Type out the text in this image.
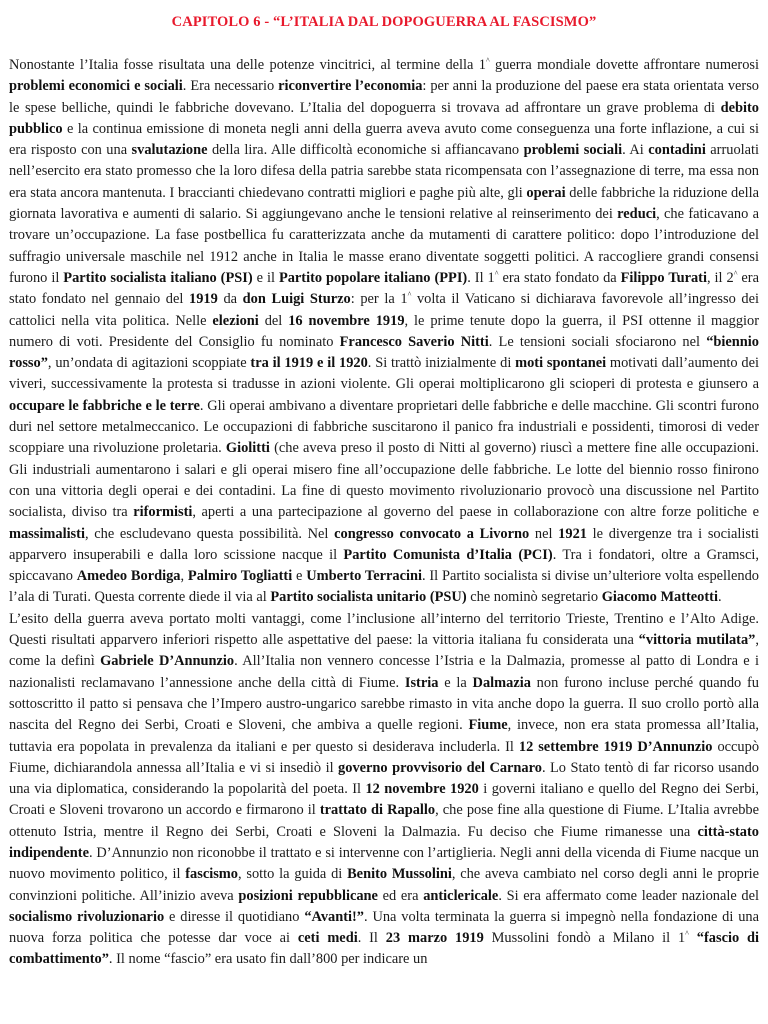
CAPITOLO 6 - “L’ITALIA DAL DOPOGUERRA AL FASCISMO”

Nonostante l’Italia fosse risultata una delle potenze vincitrici, al termine della 1^ guerra mondiale dovette affrontare numerosi problemi economici e sociali. Era necessario riconvertire l’economia: per anni la produzione del paese era stata orientata verso le spese belliche, quindi le fabbriche dovevano. L’Italia del dopoguerra si trovava ad affrontare un grave problema di debito pubblico e la continua emissione di moneta negli anni della guerra aveva avuto come conseguenza una forte inflazione, a cui si era risposto con una svalutazione della lira. Alle difficoltà economiche si affiancavano problemi sociali. Ai contadini arruolati nell’esercito era stato promesso che la loro difesa della patria sarebbe stata ricompensata con l’assegnazione di terre, ma essa non era stata ancora mantenuta. I braccianti chiedevano contratti migliori e paghe più alte, gli operai delle fabbriche la riduzione della giornata lavorativa e aumenti di salario. Si aggiungevano anche le tensioni relative al reinserimento dei reduci, che faticavano a trovare un’occupazione. La fase postbellica fu caratterizzata anche da mutamenti di carattere politico: dopo l’introduzione del suffragio universale maschile nel 1912 anche in Italia le masse erano diventate soggetti politici. A raccogliere grandi consensi furono il Partito socialista italiano (PSI) e il Partito popolare italiano (PPI). Il 1^ era stato fondato da Filippo Turati, il 2^ era stato fondato nel gennaio del 1919 da don Luigi Sturzo: per la 1^ volta il Vaticano si dichiarava favorevole all’ingresso dei cattolici nella vita politica. Nelle elezioni del 16 novembre 1919, le prime tenute dopo la guerra, il PSI ottenne il maggior numero di voti. Presidente del Consiglio fu nominato Francesco Saverio Nitti. Le tensioni sociali sfociarono nel “biennio rosso”, un’ondata di agitazioni scoppiate tra il 1919 e il 1920. Si trattò inizialmente di moti spontanei motivati dall’aumento dei viveri, successivamente la protesta si tradusse in azioni violente. Gli operai moltiplicarono gli scioperi di protesta e giunsero a occupare le fabbriche e le terre. Gli operai ambivano a diventare proprietari delle fabbriche e delle macchine. Gli scontri furono duri nel settore metalmeccanico. Le occupazioni di fabbriche suscitarono il panico fra industriali e possidenti, timorosi di veder scoppiare una rivoluzione proletaria. Giolitti (che aveva preso il posto di Nitti al governo) riuscì a mettere fine alle occupazioni. Gli industriali aumentarono i salari e gli operai misero fine all’occupazione delle fabbriche. Le lotte del biennio rosso finirono con una vittoria degli operai e dei contadini. La fine di questo movimento rivoluzionario provocò una discussione nel Partito socialista, diviso tra riformisti, aperti a una partecipazione al governo del paese in collaborazione con altre forze politiche e massimalisti, che escludevano questa possibilità. Nel congresso convocato a Livorno nel 1921 le divergenze tra i socialisti apparvero insuperabili e dalla loro scissione nacque il Partito Comunista d’Italia (PCI). Tra i fondatori, oltre a Gramsci, spiccavano Amedeo Bordiga, Palmiro Togliatti e Umberto Terracini. Il Partito socialista si divise un’ulteriore volta espellendo l’ala di Turati. Questa corrente diede il via al Partito socialista unitario (PSU) che nominò segretario Giacomo Matteotti.

L’esito della guerra aveva portato molti vantaggi, come l’inclusione all’interno del territorio Trieste, Trentino e l’Alto Adige. Questi risultati apparvero inferiori rispetto alle aspettative del paese: la vittoria italiana fu considerata una “vittoria mutilata”, come la definì Gabriele D’Annunzio. All’Italia non vennero concesse l’Istria e la Dalmazia, promesse al patto di Londra e i nazionalisti reclamavano l’annessione anche della città di Fiume. Istria e la Dalmazia non furono incluse perché quando fu sottoscritto il patto si pensava che l’Impero austro-ungarico sarebbe rimasto in vita anche dopo la guerra. Il suo crollo portò alla nascita del Regno dei Serbi, Croati e Sloveni, che ambiva a quelle regioni. Fiume, invece, non era stata promessa all’Italia, tuttavia era popolata in prevalenza da italiani e per questo si desiderava includerla. Il 12 settembre 1919 D’Annunzio occupò Fiume, dichiarandola annessa all’Italia e vi si insediò il governo provvisorio del Carnaro. Lo Stato tentò di far ricorso usando una via diplomatica, considerando la popolarità del poeta. Il 12 novembre 1920 i governi italiano e quello del Regno dei Serbi, Croati e Sloveni trovarono un accordo e firmarono il trattato di Rapallo, che pose fine alla questione di Fiume. L’Italia avrebbe ottenuto Istria, mentre il Regno dei Serbi, Croati e Sloveni la Dalmazia. Fu deciso che Fiume rimanesse una città-stato indipendente. D’Annunzio non riconobbe il trattato e si intervenne con l’artiglieria. Negli anni della vicenda di Fiume nacque un nuovo movimento politico, il fascismo, sotto la guida di Benito Mussolini, che aveva cambiato nel corso degli anni le proprie convinzioni politiche. All’inizio aveva posizioni repubblicane ed era anticlericale. Si era affermato come leader nazionale del socialismo rivoluzionario e diresse il quotidiano “Avanti!”. Una volta terminata la guerra si impegnò nella fondazione di una nuova forza politica che potesse dar voce ai ceti medi. Il 23 marzo 1919 Mussolini fondò a Milano il 1^ “fascio di combattimento”. Il nome “fascio” era usato fin dall’800 per indicare un
